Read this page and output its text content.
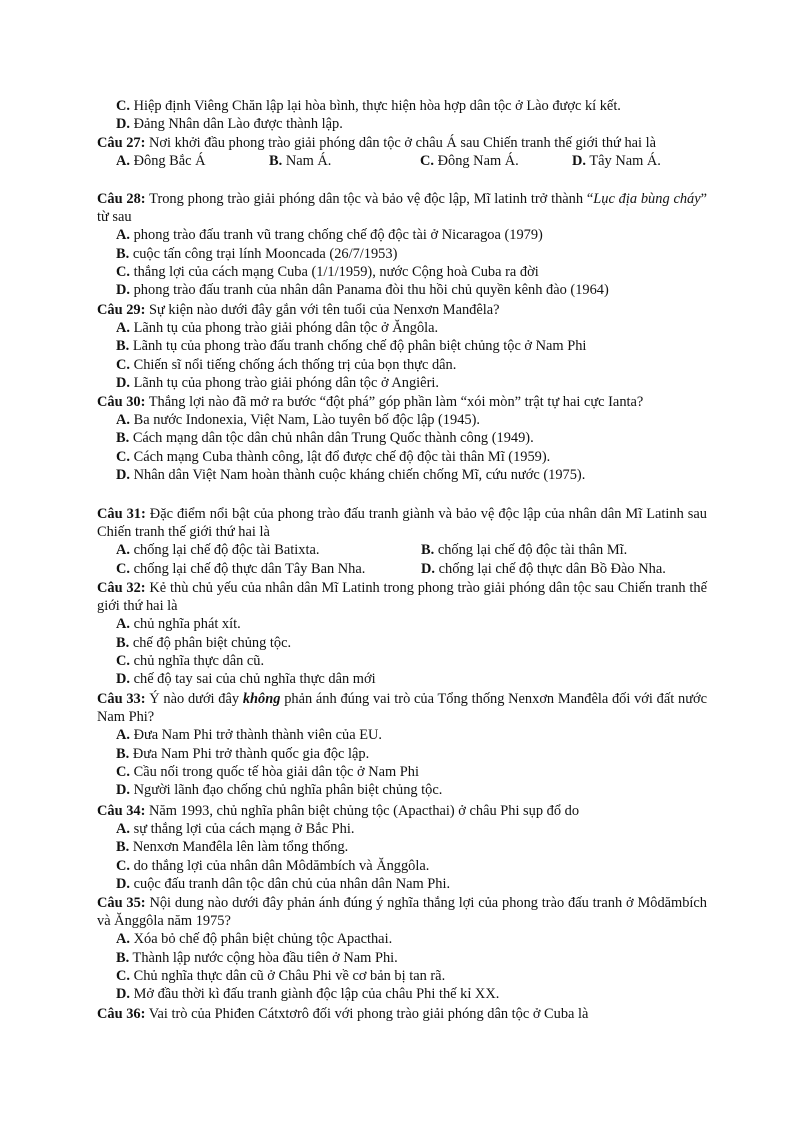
C. Hiệp định Viêng Chăn lập lại hòa bình, thực hiện hòa hợp dân tộc ở Lào được kí kết.
D. Đảng Nhân dân Lào được thành lập.
Câu 27: Nơi khởi đầu phong trào giải phóng dân tộc ở châu Á sau Chiến tranh thế giới thứ hai là
A. Đông Bắc Á	B. Nam Á.	C. Đông Nam Á.	D. Tây Nam Á.
Câu 28: Trong phong trào giải phóng dân tộc và bảo vệ độc lập, Mĩ latinh trở thành “Lục địa bùng cháy” từ sau
A. phong trào đấu tranh vũ trang chống chế độ độc tài ở Nicaragoa (1979)
B. cuộc tấn công trại lính Mooncada (26/7/1953)
C. thắng lợi của cách mạng Cuba (1/1/1959), nước Cộng hoà Cuba ra đời
D. phong trào đấu tranh của nhân dân Panama đòi thu hồi chủ quyền kênh đào (1964)
Câu 29: Sự kiện nào dưới đây gắn với tên tuổi của Nenxơn Manđêla?
A. Lãnh tụ của phong trào giải phóng dân tộc ở Ăngôla.
B. Lãnh tụ của phong trào đấu tranh chống chế độ phân biệt chủng tộc ở Nam Phi
C. Chiến sĩ nổi tiếng chống ách thống trị của bọn thực dân.
D. Lãnh tụ của phong trào giải phóng dân tộc ở Angiêri.
Câu 30: Thắng lợi nào đã mở ra bước “đột phá” góp phần làm “xói mòn” trật tự hai cực Ianta?
A. Ba nước Indonexia, Việt Nam, Lào tuyên bố độc lập (1945).
B. Cách mạng dân tộc dân chủ nhân dân Trung Quốc thành công (1949).
C. Cách mạng Cuba thành công, lật đổ được chế độ độc tài thân Mĩ (1959).
D. Nhân dân Việt Nam hoàn thành cuộc kháng chiến chống Mĩ, cứu nước (1975).
Câu 31: Đặc điểm nổi bật của phong trào đấu tranh giành và bảo vệ độc lập của nhân dân Mĩ Latinh sau Chiến tranh thế giới thứ hai là
A. chống lại chế độ độc tài Batixta.	B. chống lại chế độ độc tài thân Mĩ.
C. chống lại chế độ thực dân Tây Ban Nha.	D. chống lại chế độ thực dân Bồ Đào Nha.
Câu 32: Kẻ thù chủ yếu của nhân dân Mĩ Latinh trong phong trào giải phóng dân tộc sau Chiến tranh thế giới thứ hai là
A. chủ nghĩa phát xít.
B. chế độ phân biệt chủng tộc.
C. chủ nghĩa thực dân cũ.
D. chế độ tay sai của chủ nghĩa thực dân mới
Câu 33: Ý nào dưới đây không phản ánh đúng vai trò của Tổng thống Nenxơn Manđêla đối với đất nước Nam Phi?
A. Đưa Nam Phi trở thành thành viên của EU.
B. Đưa Nam Phi trở thành quốc gia độc lập.
C. Cầu nối trong quốc tế hòa giải dân tộc ở Nam Phi
D. Người lãnh đạo chống chủ nghĩa phân biệt chủng tộc.
Câu 34: Năm 1993, chủ nghĩa phân biệt chủng tộc (Apacthai) ở châu Phi sụp đổ do
A. sự thắng lợi của cách mạng ở Bắc Phi.
B. Nenxơn Manđêla lên làm tổng thống.
C. do thắng lợi của nhân dân Môdămbích và Ănggôla.
D. cuộc đấu tranh dân tộc dân chủ của nhân dân Nam Phi.
Câu 35: Nội dung nào dưới đây phản ánh đúng ý nghĩa thắng lợi của phong trào đấu tranh ở Môdămbích và Ănggôla năm 1975?
A. Xóa bỏ chế độ phân biệt chủng tộc Apacthai.
B. Thành lập nước cộng hòa đầu tiên ở Nam Phi.
C. Chủ nghĩa thực dân cũ ở Châu Phi về cơ bản bị tan rã.
D. Mở đầu thời kì đấu tranh giành độc lập của châu Phi thế kỉ XX.
Câu 36: Vai trò của Phiđen Cátxtơrô đối với phong trào giải phóng dân tộc ở Cuba là
